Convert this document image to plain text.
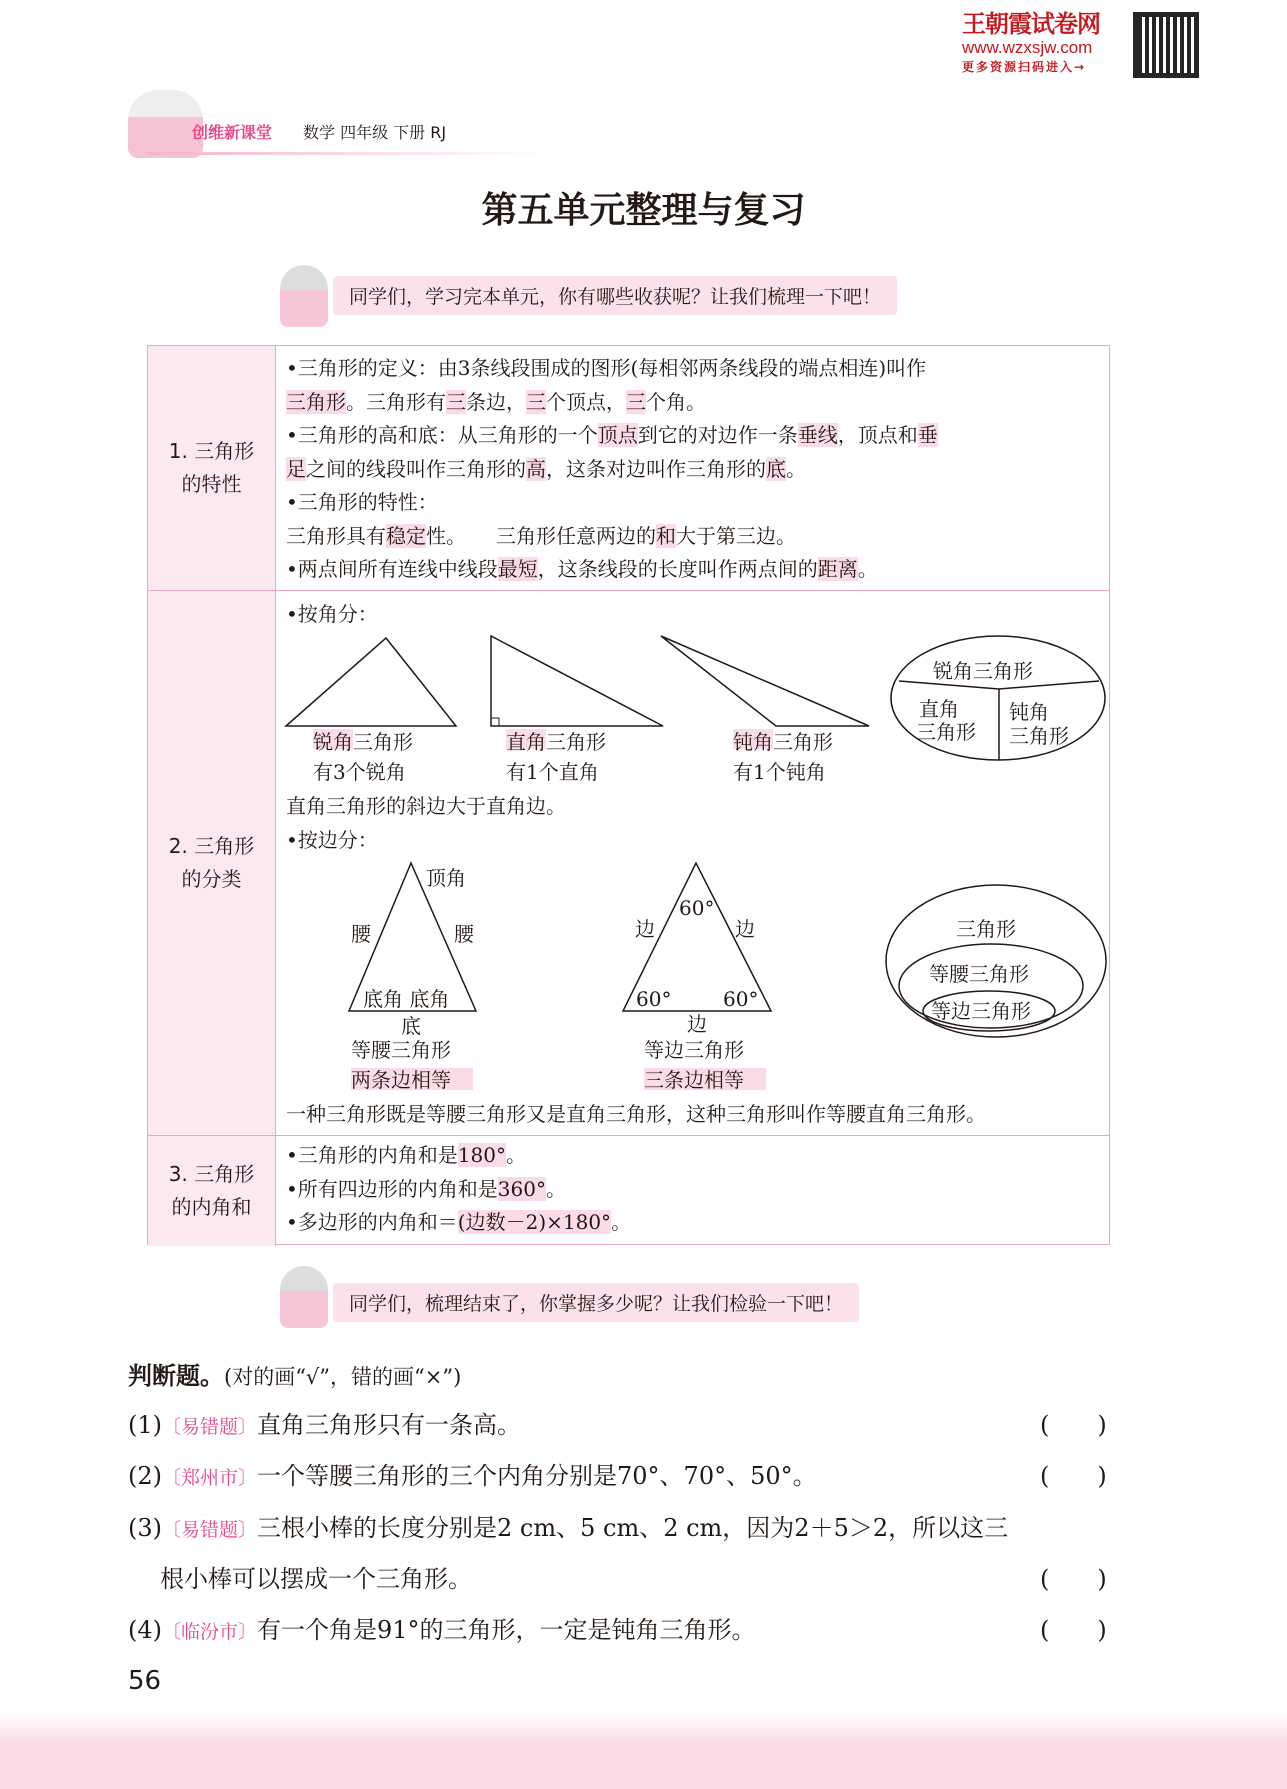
王朝霞试卷网
www.wzxsjw.com
更多资源扫码进入→
创维新课堂 数学 四年级 下册 RJ
第五单元整理与复习
同学们，学习完本单元，你有哪些收获呢？让我们梳理一下吧！
1. 三角形
的特性
•三角形的定义：由3条线段围成的图形(每相邻两条线段的端点相连)叫作
三角形。三角形有三条边，三个顶点，三个角。
•三角形的高和底：从三角形的一个顶点到它的对边作一条垂线，顶点和垂
足之间的线段叫作三角形的高，这条对边叫作三角形的底。
•三角形的特性：
三角形具有稳定性。　　三角形任意两边的和大于第三边。
•两点间所有连线中线段最短，这条线段的长度叫作两点间的距离。
2. 三角形
的分类
•按角分：
锐角三角形
有3个锐角
直角三角形
有1个直角
钝角三角形
有1个钝角
锐角三角形
直角
三角形
钝角
三角形
直角三角形的斜边大于直角边。
•按边分：
顶角
腰	腰
底角 底角
底
60°
边	边
60°	60°
边
等腰三角形
两条边相等
等边三角形
三条边相等
三角形
等腰三角形
等边三角形
一种三角形既是等腰三角形又是直角三角形，这种三角形叫作等腰直角三角形。
3. 三角形
的内角和
•三角形的内角和是180°。
•所有四边形的内角和是360°。
•多边形的内角和＝(边数－2)×180°。
同学们，梳理结束了，你掌握多少呢？让我们检验一下吧！
判断题。(对的画“√”，错的画“×”)
(1)〔易错题〕直角三角形只有一条高。	(　　)
(2)〔郑州市〕一个等腰三角形的三个内角分别是70°、70°、50°。	(　　)
(3)〔易错题〕三根小棒的长度分别是2 cm、5 cm、2 cm，因为2＋5＞2，所以这三
根小棒可以摆成一个三角形。	(　　)
(4)〔临汾市〕有一个角是91°的三角形，一定是钝角三角形。	(　　)
56
